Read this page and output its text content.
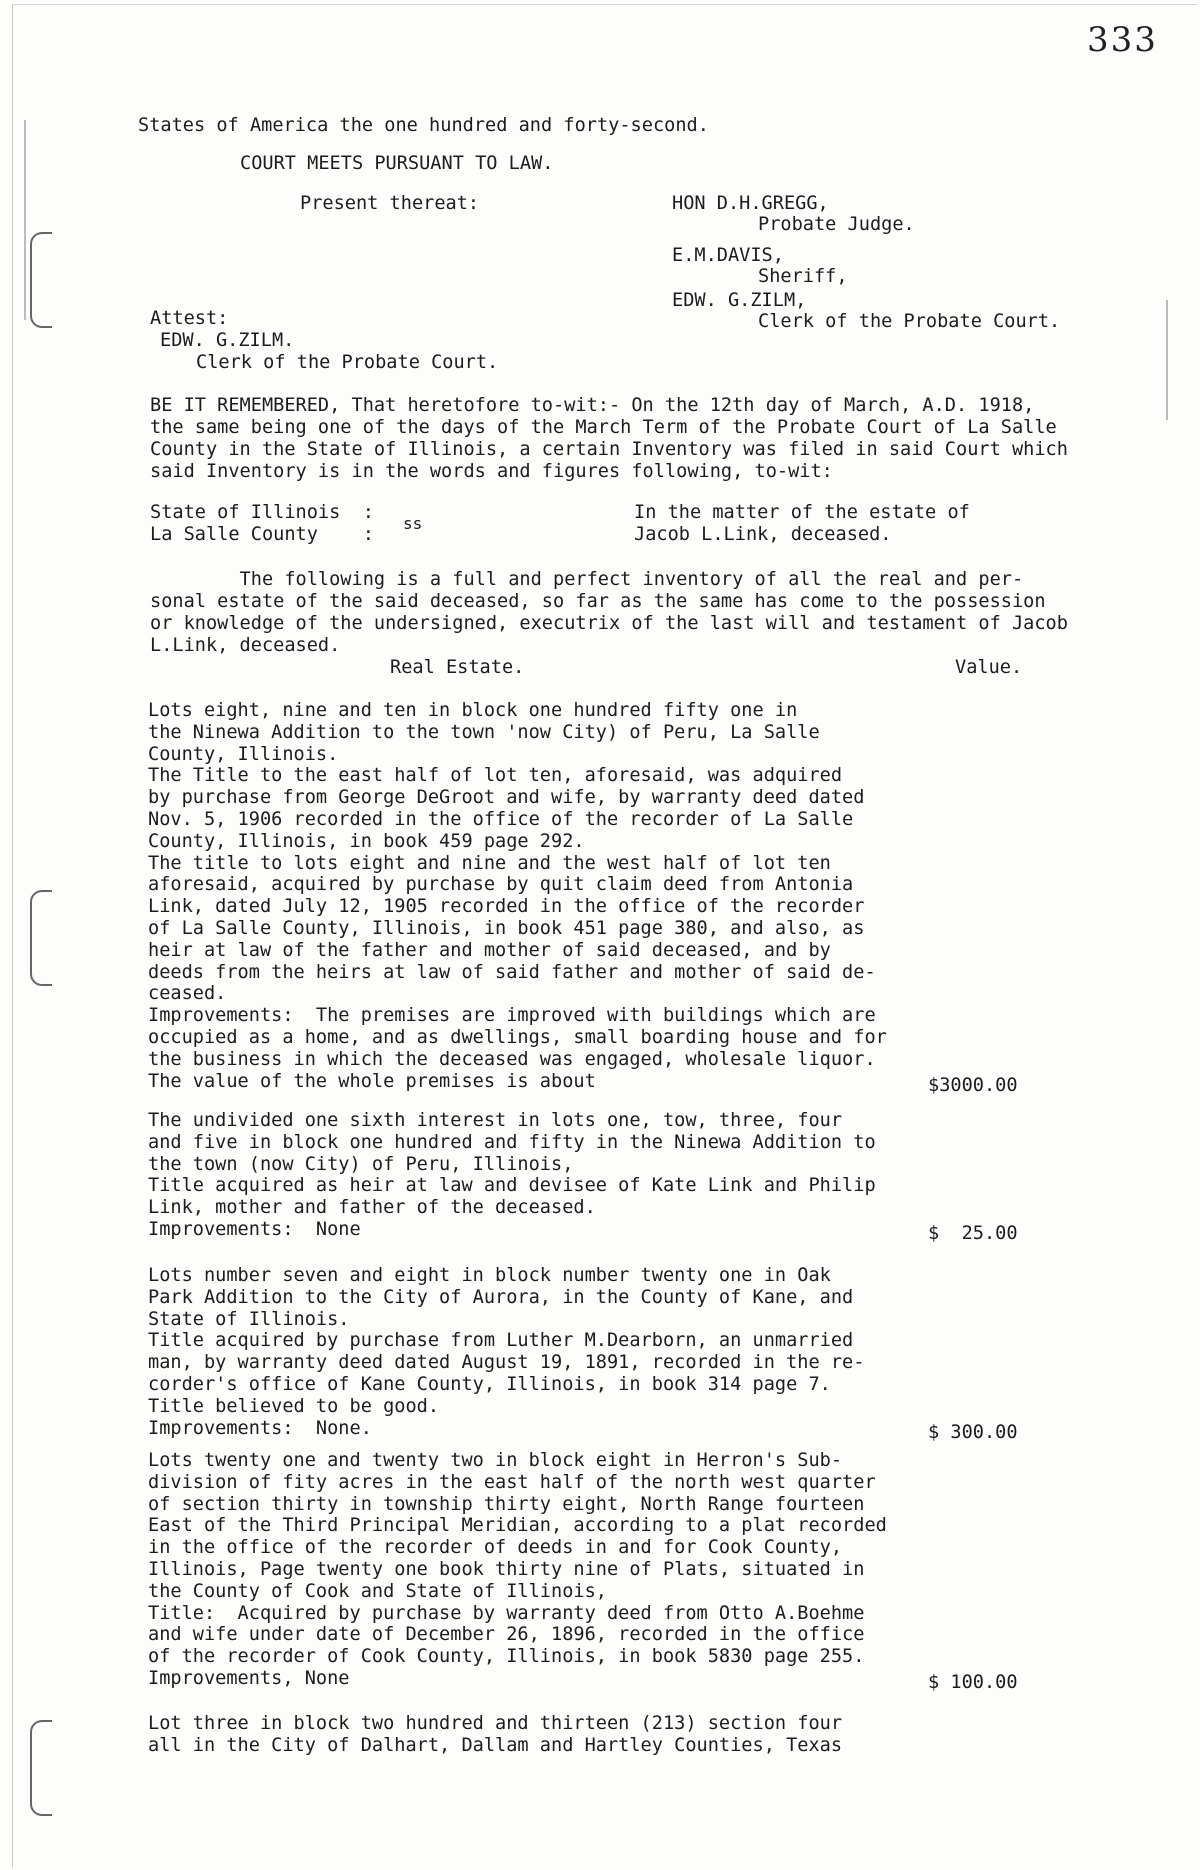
333
States of America the one hundred and forty-second.
COURT MEETS PURSUANT TO LAW.
Present thereat:	HON D.H.GREGG,
Probate Judge.
E.M.DAVIS,
Sheriff,
EDW. G.ZILM,
Clerk of the Probate Court.
Attest:
EDW. G.ZILM.
Clerk of the Probate Court.
BE IT REMEMBERED, That heretofore to-wit:- On the 12th day of March, A.D. 1918,
the same being one of the days of the March Term of the Probate Court of La Salle
County in the State of Illinois, a certain Inventory was filed in said Court which
said Inventory is in the words and figures following, to-wit:
State of Illinois  :
La Salle County    :
ss
In the matter of the estate of
Jacob L.Link, deceased.
The following is a full and perfect inventory of all the real and per-
sonal estate of the said deceased, so far as the same has come to the possession
or knowledge of the undersigned, executrix of the last will and testament of Jacob
L.Link, deceased.
Real Estate.	Value.
Lots eight, nine and ten in block one hundred fifty one in
the Ninewa Addition to the town 'now City) of Peru, La Salle
County, Illinois.
The Title to the east half of lot ten, aforesaid, was adquired
by purchase from George DeGroot and wife, by warranty deed dated
Nov. 5, 1906 recorded in the office of the recorder of La Salle
County, Illinois, in book 459 page 292.
The title to lots eight and nine and the west half of lot ten
aforesaid, acquired by purchase by quit claim deed from Antonia
Link, dated July 12, 1905 recorded in the office of the recorder
of La Salle County, Illinois, in book 451 page 380, and also, as
heir at law of the father and mother of said deceased, and by
deeds from the heirs at law of said father and mother of said de-
ceased.
Improvements:  The premises are improved with buildings which are
occupied as a home, and as dwellings, small boarding house and for
the business in which the deceased was engaged, wholesale liquor.
The value of the whole premises is about	$3000.00
The undivided one sixth interest in lots one, tow, three, four
and five in block one hundred and fifty in the Ninewa Addition to
the town (now City) of Peru, Illinois,
Title acquired as heir at law and devisee of Kate Link and Philip
Link, mother and father of the deceased.
Improvements:  None	$  25.00
Lots number seven and eight in block number twenty one in Oak
Park Addition to the City of Aurora, in the County of Kane, and
State of Illinois.
Title acquired by purchase from Luther M.Dearborn, an unmarried
man, by warranty deed dated August 19, 1891, recorded in the re-
corder's office of Kane County, Illinois, in book 314 page 7.
Title believed to be good.
Improvements:  None.	$ 300.00
Lots twenty one and twenty two in block eight in Herron's Sub-
division of fity acres in the east half of the north west quarter
of section thirty in township thirty eight, North Range fourteen
East of the Third Principal Meridian, according to a plat recorded
in the office of the recorder of deeds in and for Cook County,
Illinois, Page twenty one book thirty nine of Plats, situated in
the County of Cook and State of Illinois,
Title:  Acquired by purchase by warranty deed from Otto A.Boehme
and wife under date of December 26, 1896, recorded in the office
of the recorder of Cook County, Illinois, in book 5830 page 255.
Improvements, None	$ 100.00
Lot three in block two hundred and thirteen (213) section four
all in the City of Dalhart, Dallam and Hartley Counties, Texas
